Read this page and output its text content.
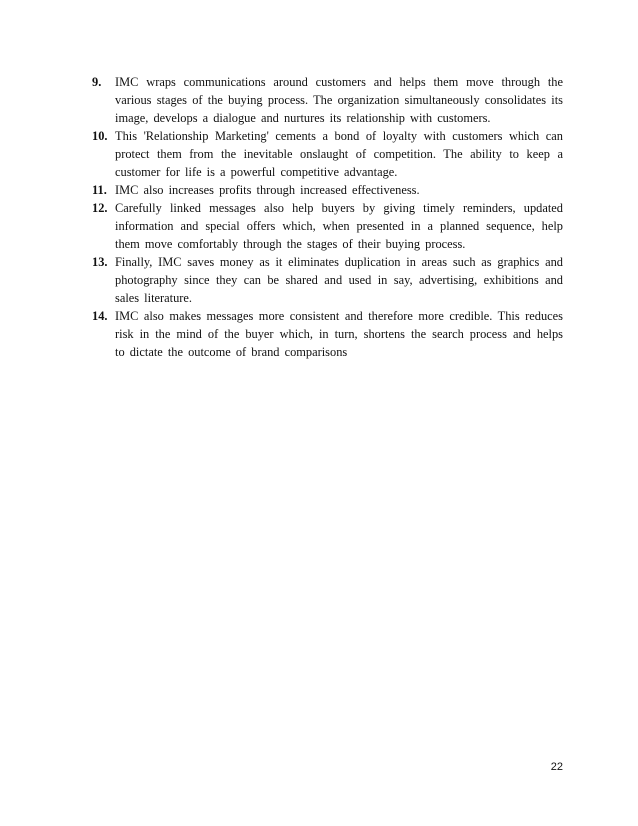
9. IMC wraps communications around customers and helps them move through the various stages of the buying process. The organization simultaneously consolidates its image, develops a dialogue and nurtures its relationship with customers.
10. This 'Relationship Marketing' cements a bond of loyalty with customers which can protect them from the inevitable onslaught of competition. The ability to keep a customer for life is a powerful competitive advantage.
11. IMC also increases profits through increased effectiveness.
12. Carefully linked messages also help buyers by giving timely reminders, updated information and special offers which, when presented in a planned sequence, help them move comfortably through the stages of their buying process.
13. Finally, IMC saves money as it eliminates duplication in areas such as graphics and photography since they can be shared and used in say, advertising, exhibitions and sales literature.
14. IMC also makes messages more consistent and therefore more credible. This reduces risk in the mind of the buyer which, in turn, shortens the search process and helps to dictate the outcome of brand comparisons
22
